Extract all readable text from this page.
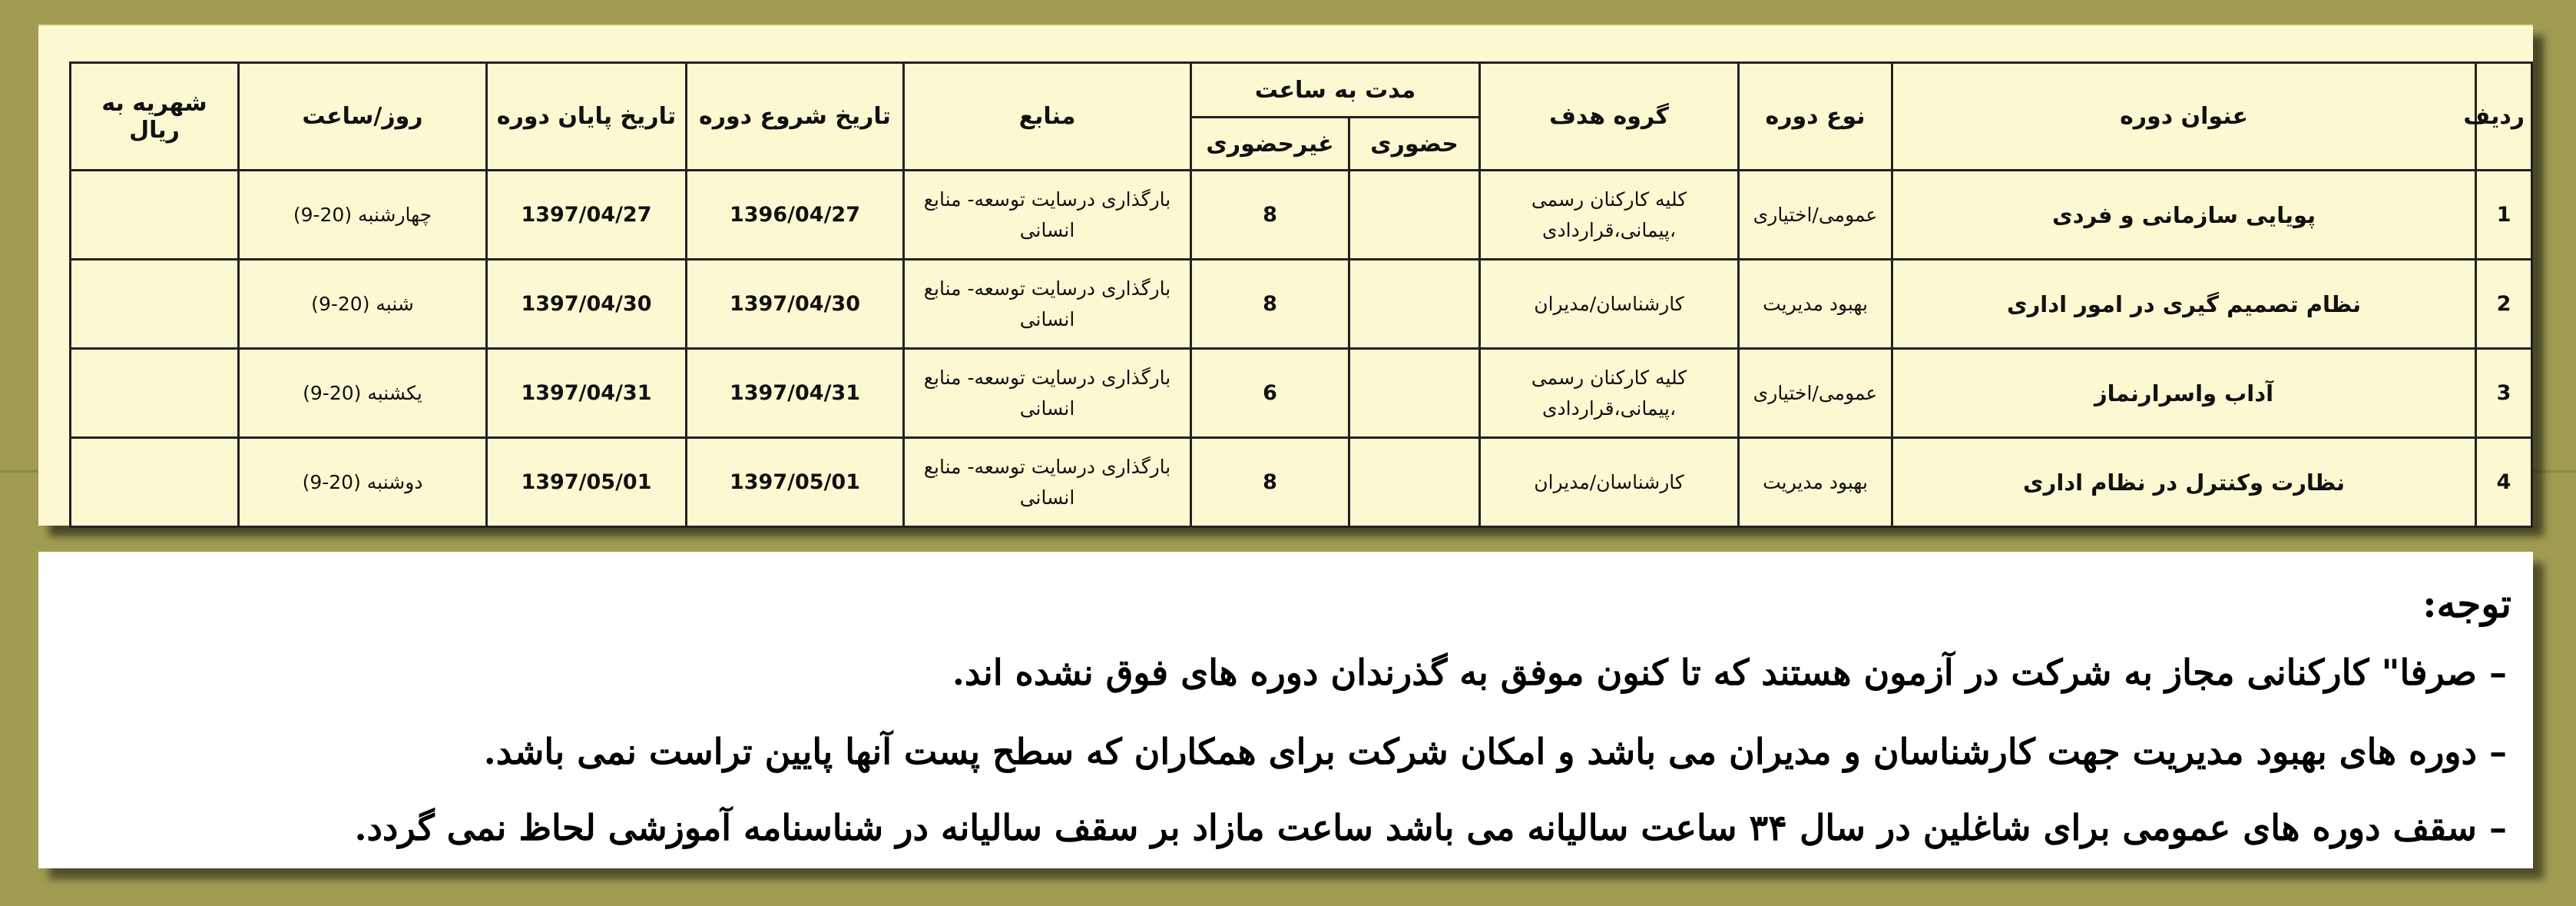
ردیف	عنوان دوره	نوع دوره	گروه هدف	مدت به ساعت		منابع	تاریخ شروع دوره	تاریخ پایان دوره	روز/ساعت	شهریه به ریال
				حضوری	غیرحضوری					
1	پویایی سازمانی و فردی	عمومی/اختیاری	کلیه کارکنان رسمی ،پیمانی،قراردادی		8	بارگذاری درسایت توسعه- منابع انسانی	1396/04/27	1397/04/27	چهارشنبه (20-9)	
2	نظام تصمیم گیری در امور اداری	بهبود مدیریت	کارشناسان/مدیران		8	بارگذاری درسایت توسعه- منابع انسانی	1397/04/30	1397/04/30	شنبه (20-9)	
3	آداب واسرارنماز	عمومی/اختیاری	کلیه کارکنان رسمی ،پیمانی،قراردادی		6	بارگذاری درسایت توسعه- منابع انسانی	1397/04/31	1397/04/31	یکشنبه (20-9)	
4	نظارت وکنترل در نظام اداری	بهبود مدیریت	کارشناسان/مدیران		8	بارگذاری درسایت توسعه- منابع انسانی	1397/05/01	1397/05/01	دوشنبه (20-9)	
توجه:
– صرفا" کارکنانی مجاز به شرکت در آزمون هستند که تا کنون موفق به گذرندان دوره های فوق نشده اند.
– دوره های بهبود مدیریت جهت کارشناسان و مدیران می باشد و امکان شرکت برای همکاران که سطح پست آنها پایین تراست نمی باشد.
– سقف دوره های عمومی برای شاغلین در سال ۳۴ ساعت سالیانه می باشد ساعت مازاد بر سقف سالیانه در شناسنامه آموزشی لحاظ نمی گردد.
